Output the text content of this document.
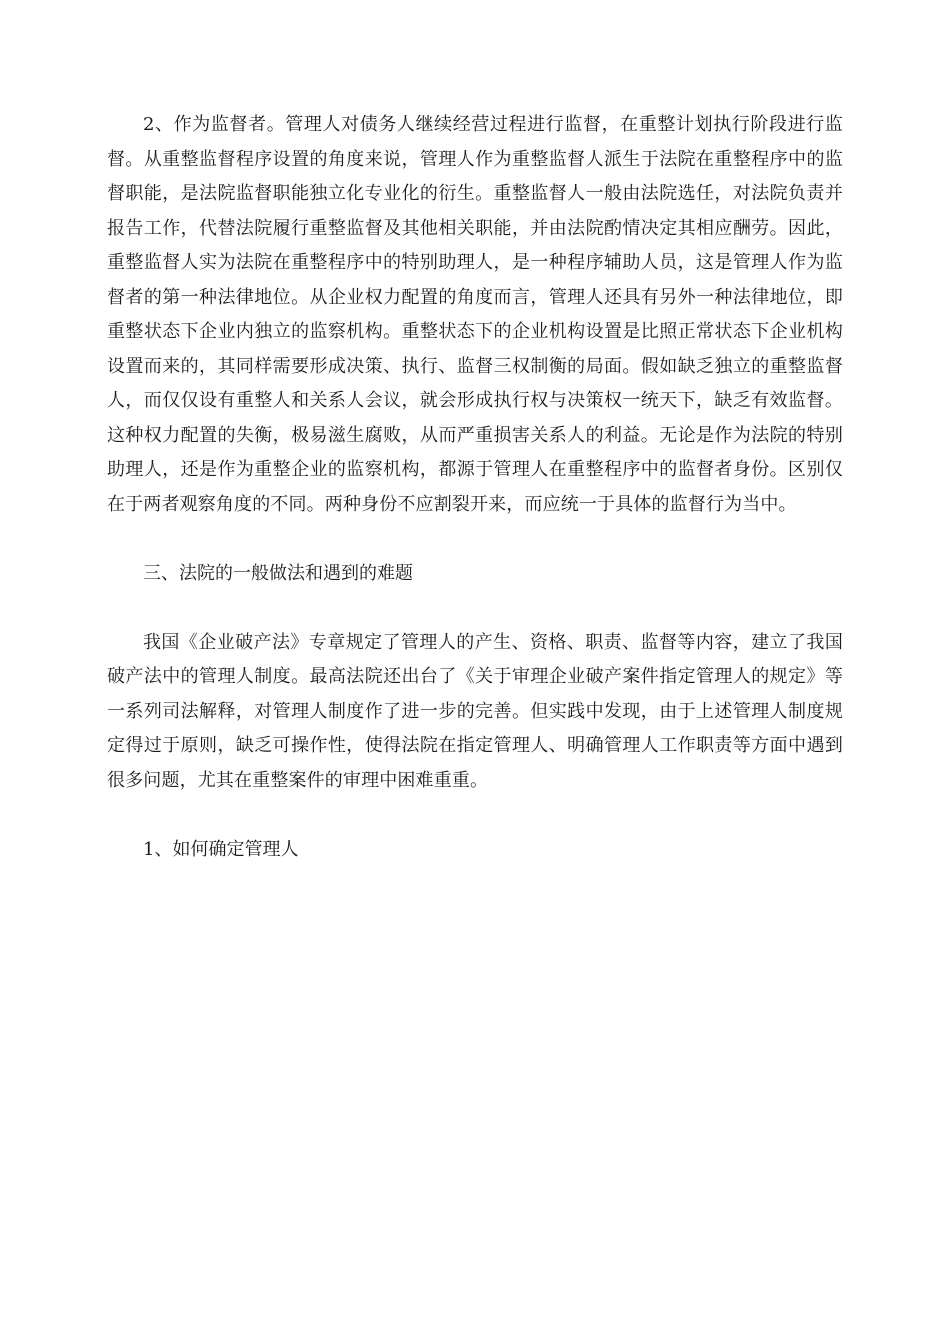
2、作为监督者。管理人对债务人继续经营过程进行监督，在重整计划执行阶段进行监督。从重整监督程序设置的角度来说，管理人作为重整监督人派生于法院在重整程序中的监督职能，是法院监督职能独立化专业化的衍生。重整监督人一般由法院选任，对法院负责并报告工作，代替法院履行重整监督及其他相关职能，并由法院酌情决定其相应酬劳。因此，重整监督人实为法院在重整程序中的特别助理人，是一种程序辅助人员，这是管理人作为监督者的第一种法律地位。从企业权力配置的角度而言，管理人还具有另外一种法律地位，即重整状态下企业内独立的监察机构。重整状态下的企业机构设置是比照正常状态下企业机构设置而来的，其同样需要形成决策、执行、监督三权制衡的局面。假如缺乏独立的重整监督人，而仅仅设有重整人和关系人会议，就会形成执行权与决策权一统天下，缺乏有效监督。这种权力配置的失衡，极易滋生腐败，从而严重损害关系人的利益。无论是作为法院的特别助理人，还是作为重整企业的监察机构，都源于管理人在重整程序中的监督者身份。区别仅在于两者观察角度的不同。两种身份不应割裂开来，而应统一于具体的监督行为当中。

三、法院的一般做法和遇到的难题

我国《企业破产法》专章规定了管理人的产生、资格、职责、监督等内容，建立了我国破产法中的管理人制度。最高法院还出台了《关于审理企业破产案件指定管理人的规定》等一系列司法解释，对管理人制度作了进一步的完善。但实践中发现，由于上述管理人制度规定得过于原则，缺乏可操作性，使得法院在指定管理人、明确管理人工作职责等方面中遇到很多问题，尤其在重整案件的审理中困难重重。

1、如何确定管理人
